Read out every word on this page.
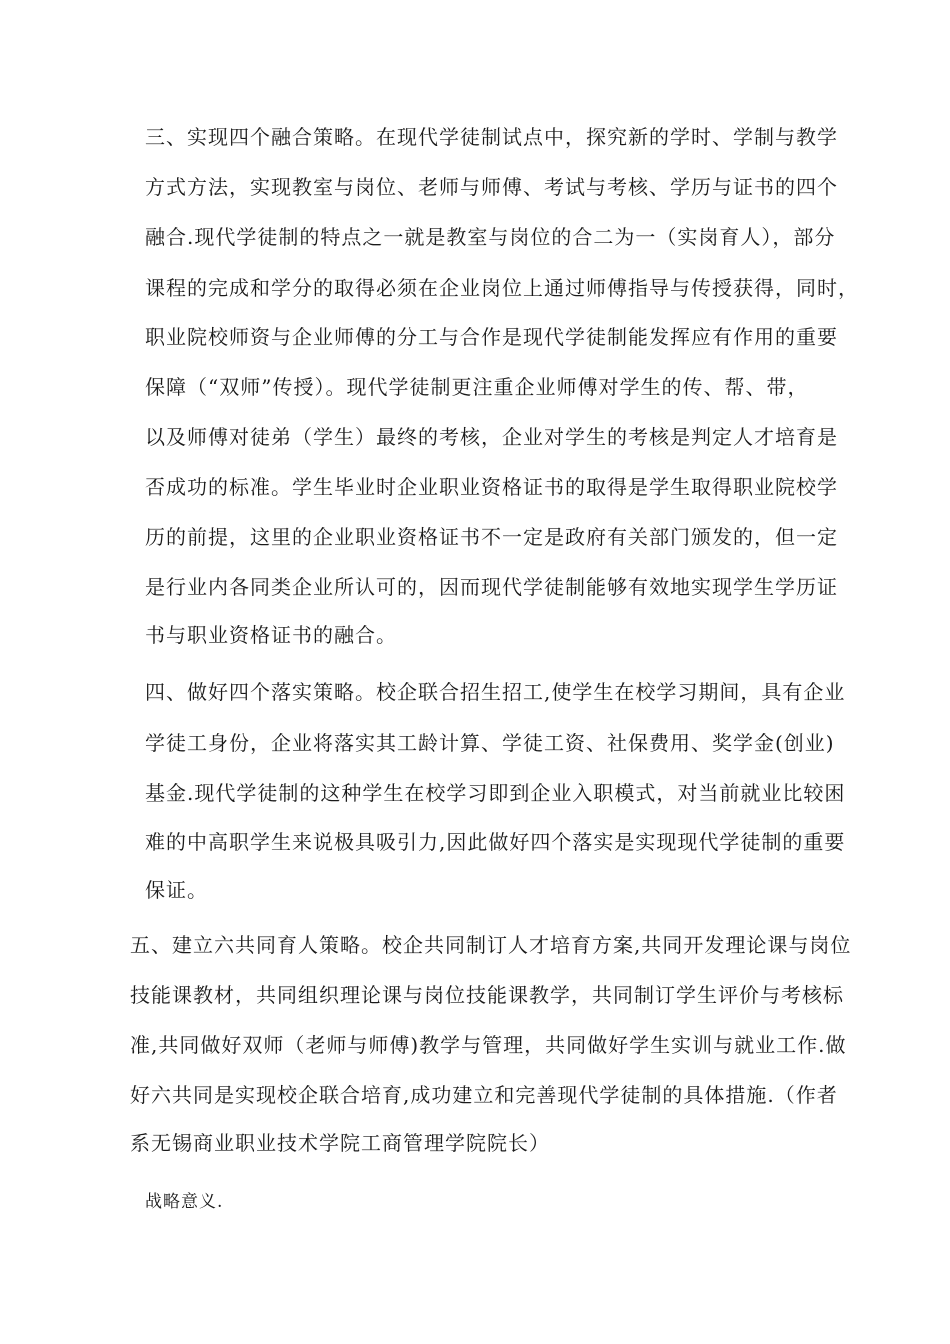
三、实现四个融合策略。在现代学徒制试点中，探究新的学时、学制与教学
方式方法，实现教室与岗位、老师与师傅、考试与考核、学历与证书的四个
融合.现代学徒制的特点之一就是教室与岗位的合二为一（实岗育人），部分
课程的完成和学分的取得必须在企业岗位上通过师傅指导与传授获得，同时，
职业院校师资与企业师傅的分工与合作是现代学徒制能发挥应有作用的重要
保障（“双师”传授）。现代学徒制更注重企业师傅对学生的传、帮、带，
以及师傅对徒弟（学生）最终的考核，企业对学生的考核是判定人才培育是
否成功的标准。学生毕业时企业职业资格证书的取得是学生取得职业院校学
历的前提，这里的企业职业资格证书不一定是政府有关部门颁发的，但一定
是行业内各同类企业所认可的，因而现代学徒制能够有效地实现学生学历证
书与职业资格证书的融合。
四、做好四个落实策略。校企联合招生招工,使学生在校学习期间，具有企业
学徒工身份，企业将落实其工龄计算、学徒工资、社保费用、奖学金(创业)
基金.现代学徒制的这种学生在校学习即到企业入职模式，对当前就业比较困
难的中高职学生来说极具吸引力,因此做好四个落实是实现现代学徒制的重要
保证。
五、建立六共同育人策略。校企共同制订人才培育方案,共同开发理论课与岗位
技能课教材，共同组织理论课与岗位技能课教学，共同制订学生评价与考核标
准,共同做好双师（老师与师傅)教学与管理，共同做好学生实训与就业工作.做
好六共同是实现校企联合培育,成功建立和完善现代学徒制的具体措施.（作者
系无锡商业职业技术学院工商管理学院院长）
战略意义.
